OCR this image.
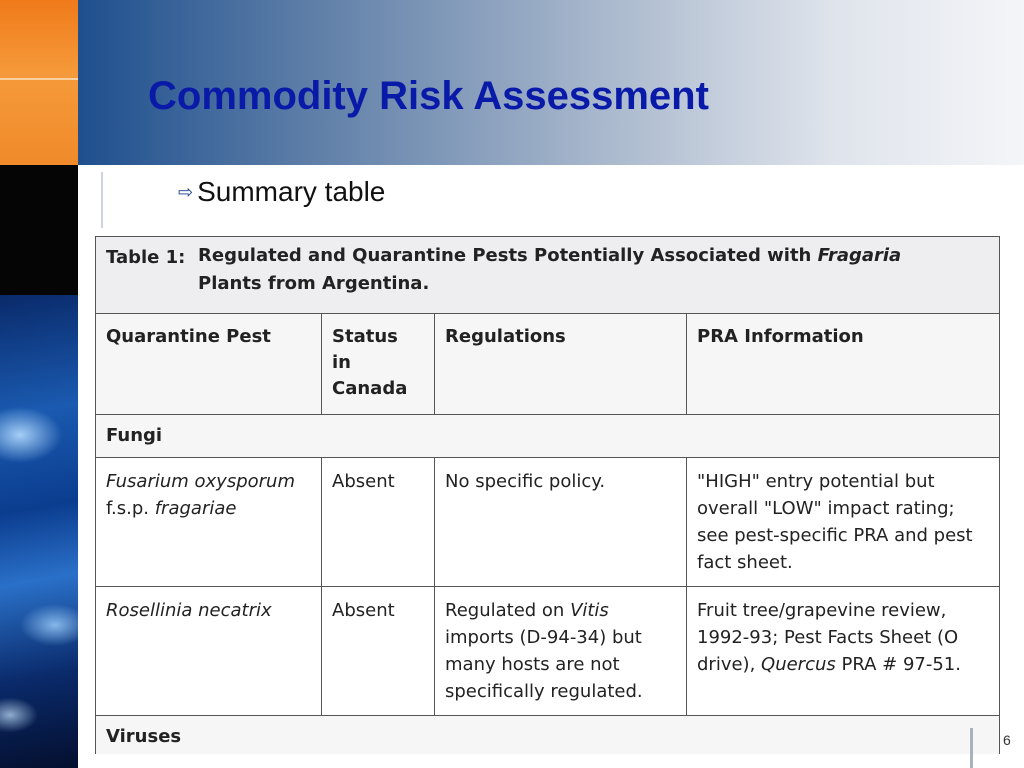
Commodity Risk Assessment
⇨ Summary table
Table 1: Regulated and Quarantine Pests Potentially Associated with Fragaria Plants from Argentina.			
Quarantine Pest	Status in Canada	Regulations	PRA Information
Fungi			
Fusarium oxysporum f.s.p. fragariae	Absent	No specific policy.	"HIGH" entry potential but overall "LOW" impact rating; see pest-specific PRA and pest fact sheet.
Rosellinia necatrix	Absent	Regulated on Vitis imports (D-94-34) but many hosts are not specifically regulated.	Fruit tree/grapevine review, 1992-93; Pest Facts Sheet (O drive), Quercus PRA # 97-51.
Viruses				6
